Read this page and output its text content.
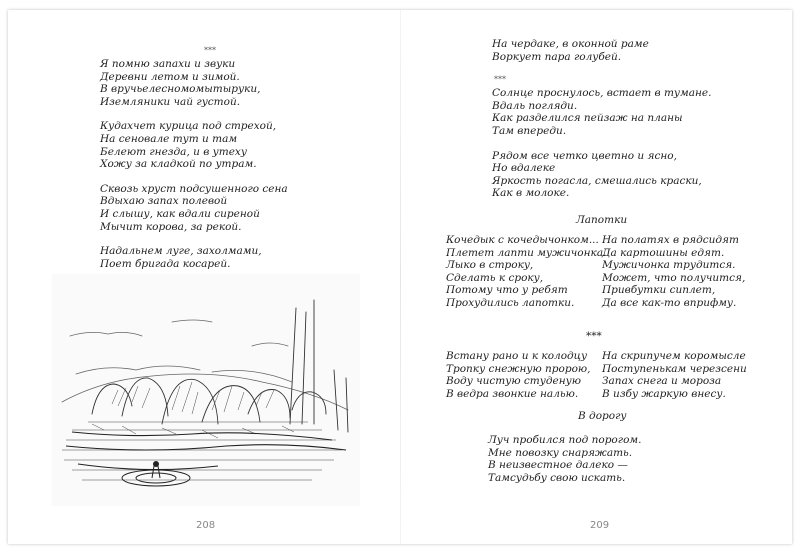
***
Я помню запахи и звуки
Деревни летом и зимой.
В вручьелесномомытыруки,
Иземляники чай густой.
Кудахчет курица под стрехой,
На сеновале тут и там
Белеют гнезда, и в утеху
Хожу за кладкой по утрам.
Сквозь хруст подсушенного сена
Вдыхаю запах полевой
И слышу, как вдали сиреной
Мычит корова, за рекой.
Надальнем луге, захолмами,
Поет бригада косарей.
208
На чердаке, в оконной раме
Воркует пара голубей.
***
Солнце проснулось, встает в тумане.
Вдаль погляди.
Как разделился пейзаж на планы
Там впереди.
Рядом все четко цветно и ясно,
Но вдалеке
Яркость погасла, смешались краски,
Как в молоке.
Лапотки
Кочедык с кочедычонком...
Плетет лапти мужичонка.
Лыко в строку,
Сделать к сроку,
Потому что у ребят
Прохудились лапотки.
На полатях в рядсидят
Да картошины едят.
Мужичонка трудится.
Может, что получится,
Привбутки сиплет,
Да все как-то вприфму.
***
Встану рано и к колодцу
Тропку снежную пророю,
Воду чистую студеную
В ведра звонкие налью.
На скрипучем коромысле
Поступенькам черезсени
Запах снега и мороза
В избу жаркую внесу.
В дорогу
Луч пробился под порогом.
Мне повозку снаряжать.
В неизвестное далеко —
Тамсудьбу свою искать.
209
